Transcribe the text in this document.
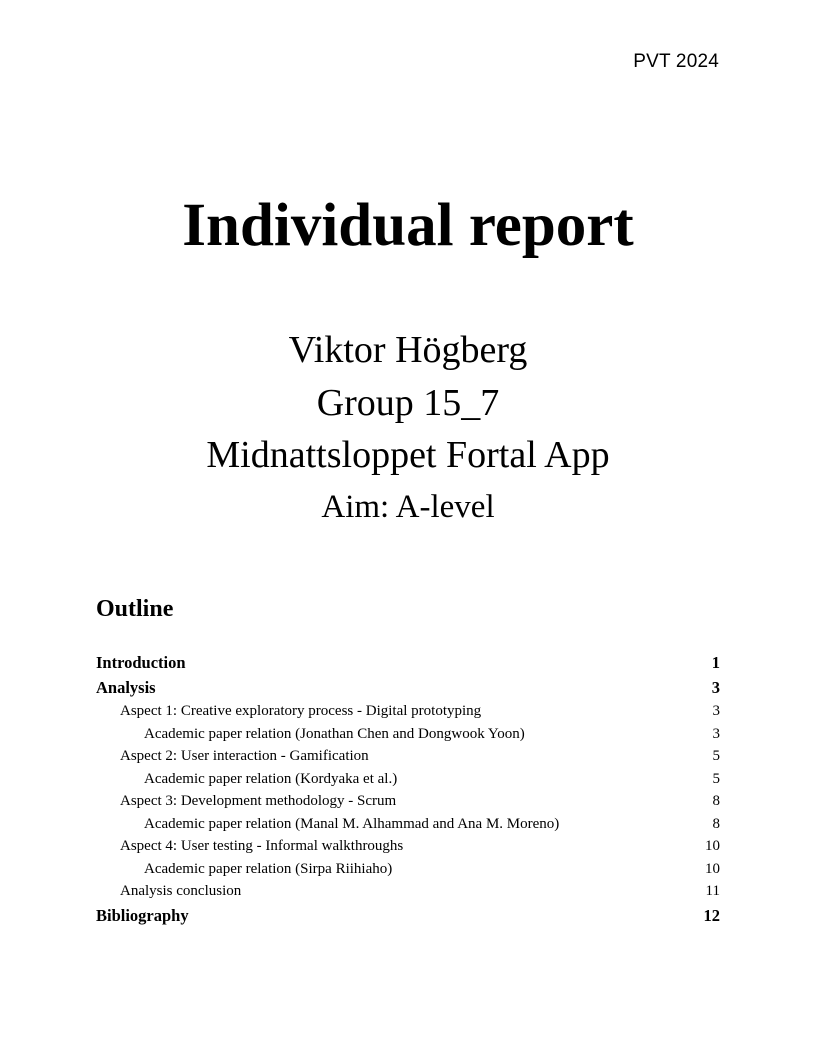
PVT 2024
Individual report
Viktor Högberg
Group 15_7
Midnattsloppet Fortal App
Aim: A-level
Outline
Introduction	1
Analysis	3
Aspect 1: Creative exploratory process - Digital prototyping	3
Academic paper relation (Jonathan Chen and Dongwook Yoon)	3
Aspect 2: User interaction - Gamification	5
Academic paper relation (Kordyaka et al.)	5
Aspect 3: Development methodology - Scrum	8
Academic paper relation (Manal M. Alhammad and Ana M. Moreno)	8
Aspect 4: User testing - Informal walkthroughs	10
Academic paper relation (Sirpa Riihiaho)	10
Analysis conclusion	11
Bibliography	12
